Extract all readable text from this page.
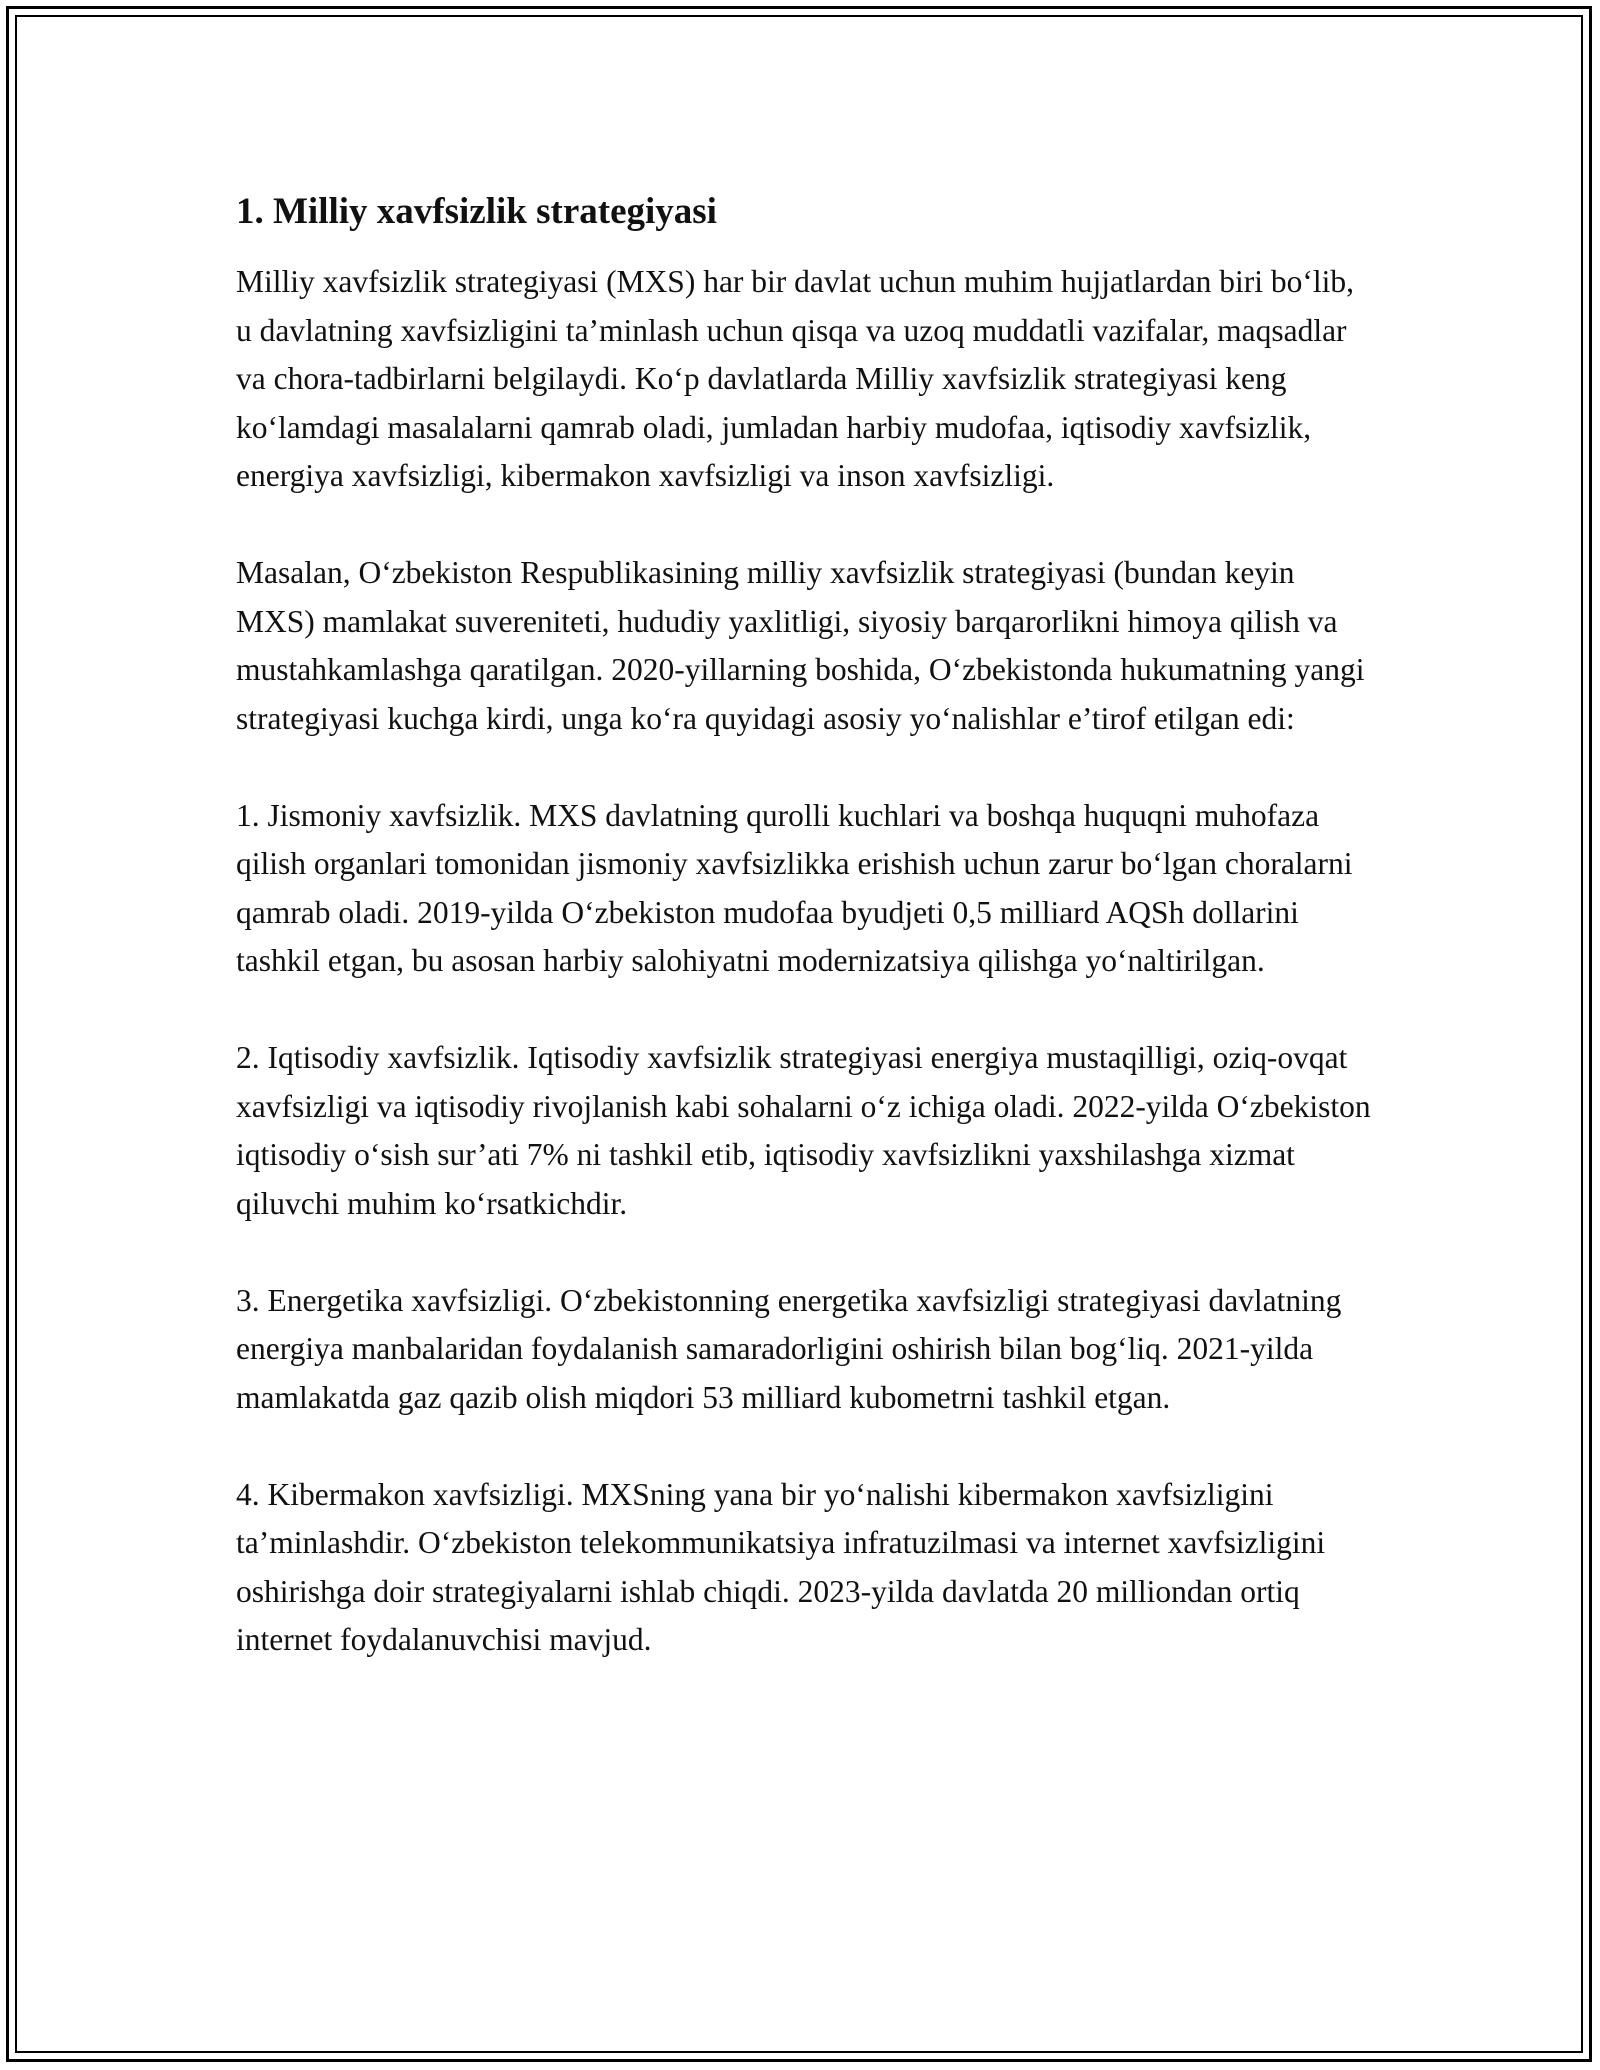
1. Milliy xavfsizlik strategiyasi

Milliy xavfsizlik strategiyasi (MXS) har bir davlat uchun muhim hujjatlardan biri bo‘lib, u davlatning xavfsizligini ta’minlash uchun qisqa va uzoq muddatli vazifalar, maqsadlar va chora-tadbirlarni belgilaydi. Ko‘p davlatlarda Milliy xavfsizlik strategiyasi keng ko‘lamdagi masalalarni qamrab oladi, jumladan harbiy mudofaa, iqtisodiy xavfsizlik, energiya xavfsizligi, kibermakon xavfsizligi va inson xavfsizligi.

Masalan, O‘zbekiston Respublikasining milliy xavfsizlik strategiyasi (bundan keyin MXS) mamlakat suvereniteti, hududiy yaxlitligi, siyosiy barqarorlikni himoya qilish va mustahkamlashga qaratilgan. 2020-yillarning boshida, O‘zbekistonda hukumatning yangi strategiyasi kuchga kirdi, unga ko‘ra quyidagi asosiy yo‘nalishlar e’tirof etilgan edi:

1. Jismoniy xavfsizlik. MXS davlatning qurolli kuchlari va boshqa huquqni muhofaza qilish organlari tomonidan jismoniy xavfsizlikka erishish uchun zarur bo‘lgan choralarni qamrab oladi. 2019-yilda O‘zbekiston mudofaa byudjeti 0,5 milliard AQSh dollarini tashkil etgan, bu asosan harbiy salohiyatni modernizatsiya qilishga yo‘naltirilgan.

2. Iqtisodiy xavfsizlik. Iqtisodiy xavfsizlik strategiyasi energiya mustaqilligi, oziq-ovqat xavfsizligi va iqtisodiy rivojlanish kabi sohalarni o‘z ichiga oladi. 2022-yilda O‘zbekiston iqtisodiy o‘sish sur’ati 7% ni tashkil etib, iqtisodiy xavfsizlikni yaxshilashga xizmat qiluvchi muhim ko‘rsatkichdir.

3. Energetika xavfsizligi. O‘zbekistonning energetika xavfsizligi strategiyasi davlatning energiya manbalaridan foydalanish samaradorligini oshirish bilan bog‘liq. 2021-yilda mamlakatda gaz qazib olish miqdori 53 milliard kubometrni tashkil etgan.

4. Kibermakon xavfsizligi. MXSning yana bir yo‘nalishi kibermakon xavfsizligini ta’minlashdir. O‘zbekiston telekommunikatsiya infratuzilmasi va internet xavfsizligini oshirishga doir strategiyalarni ishlab chiqdi. 2023-yilda davlatda 20 milliondan ortiq internet foydalanuvchisi mavjud.
